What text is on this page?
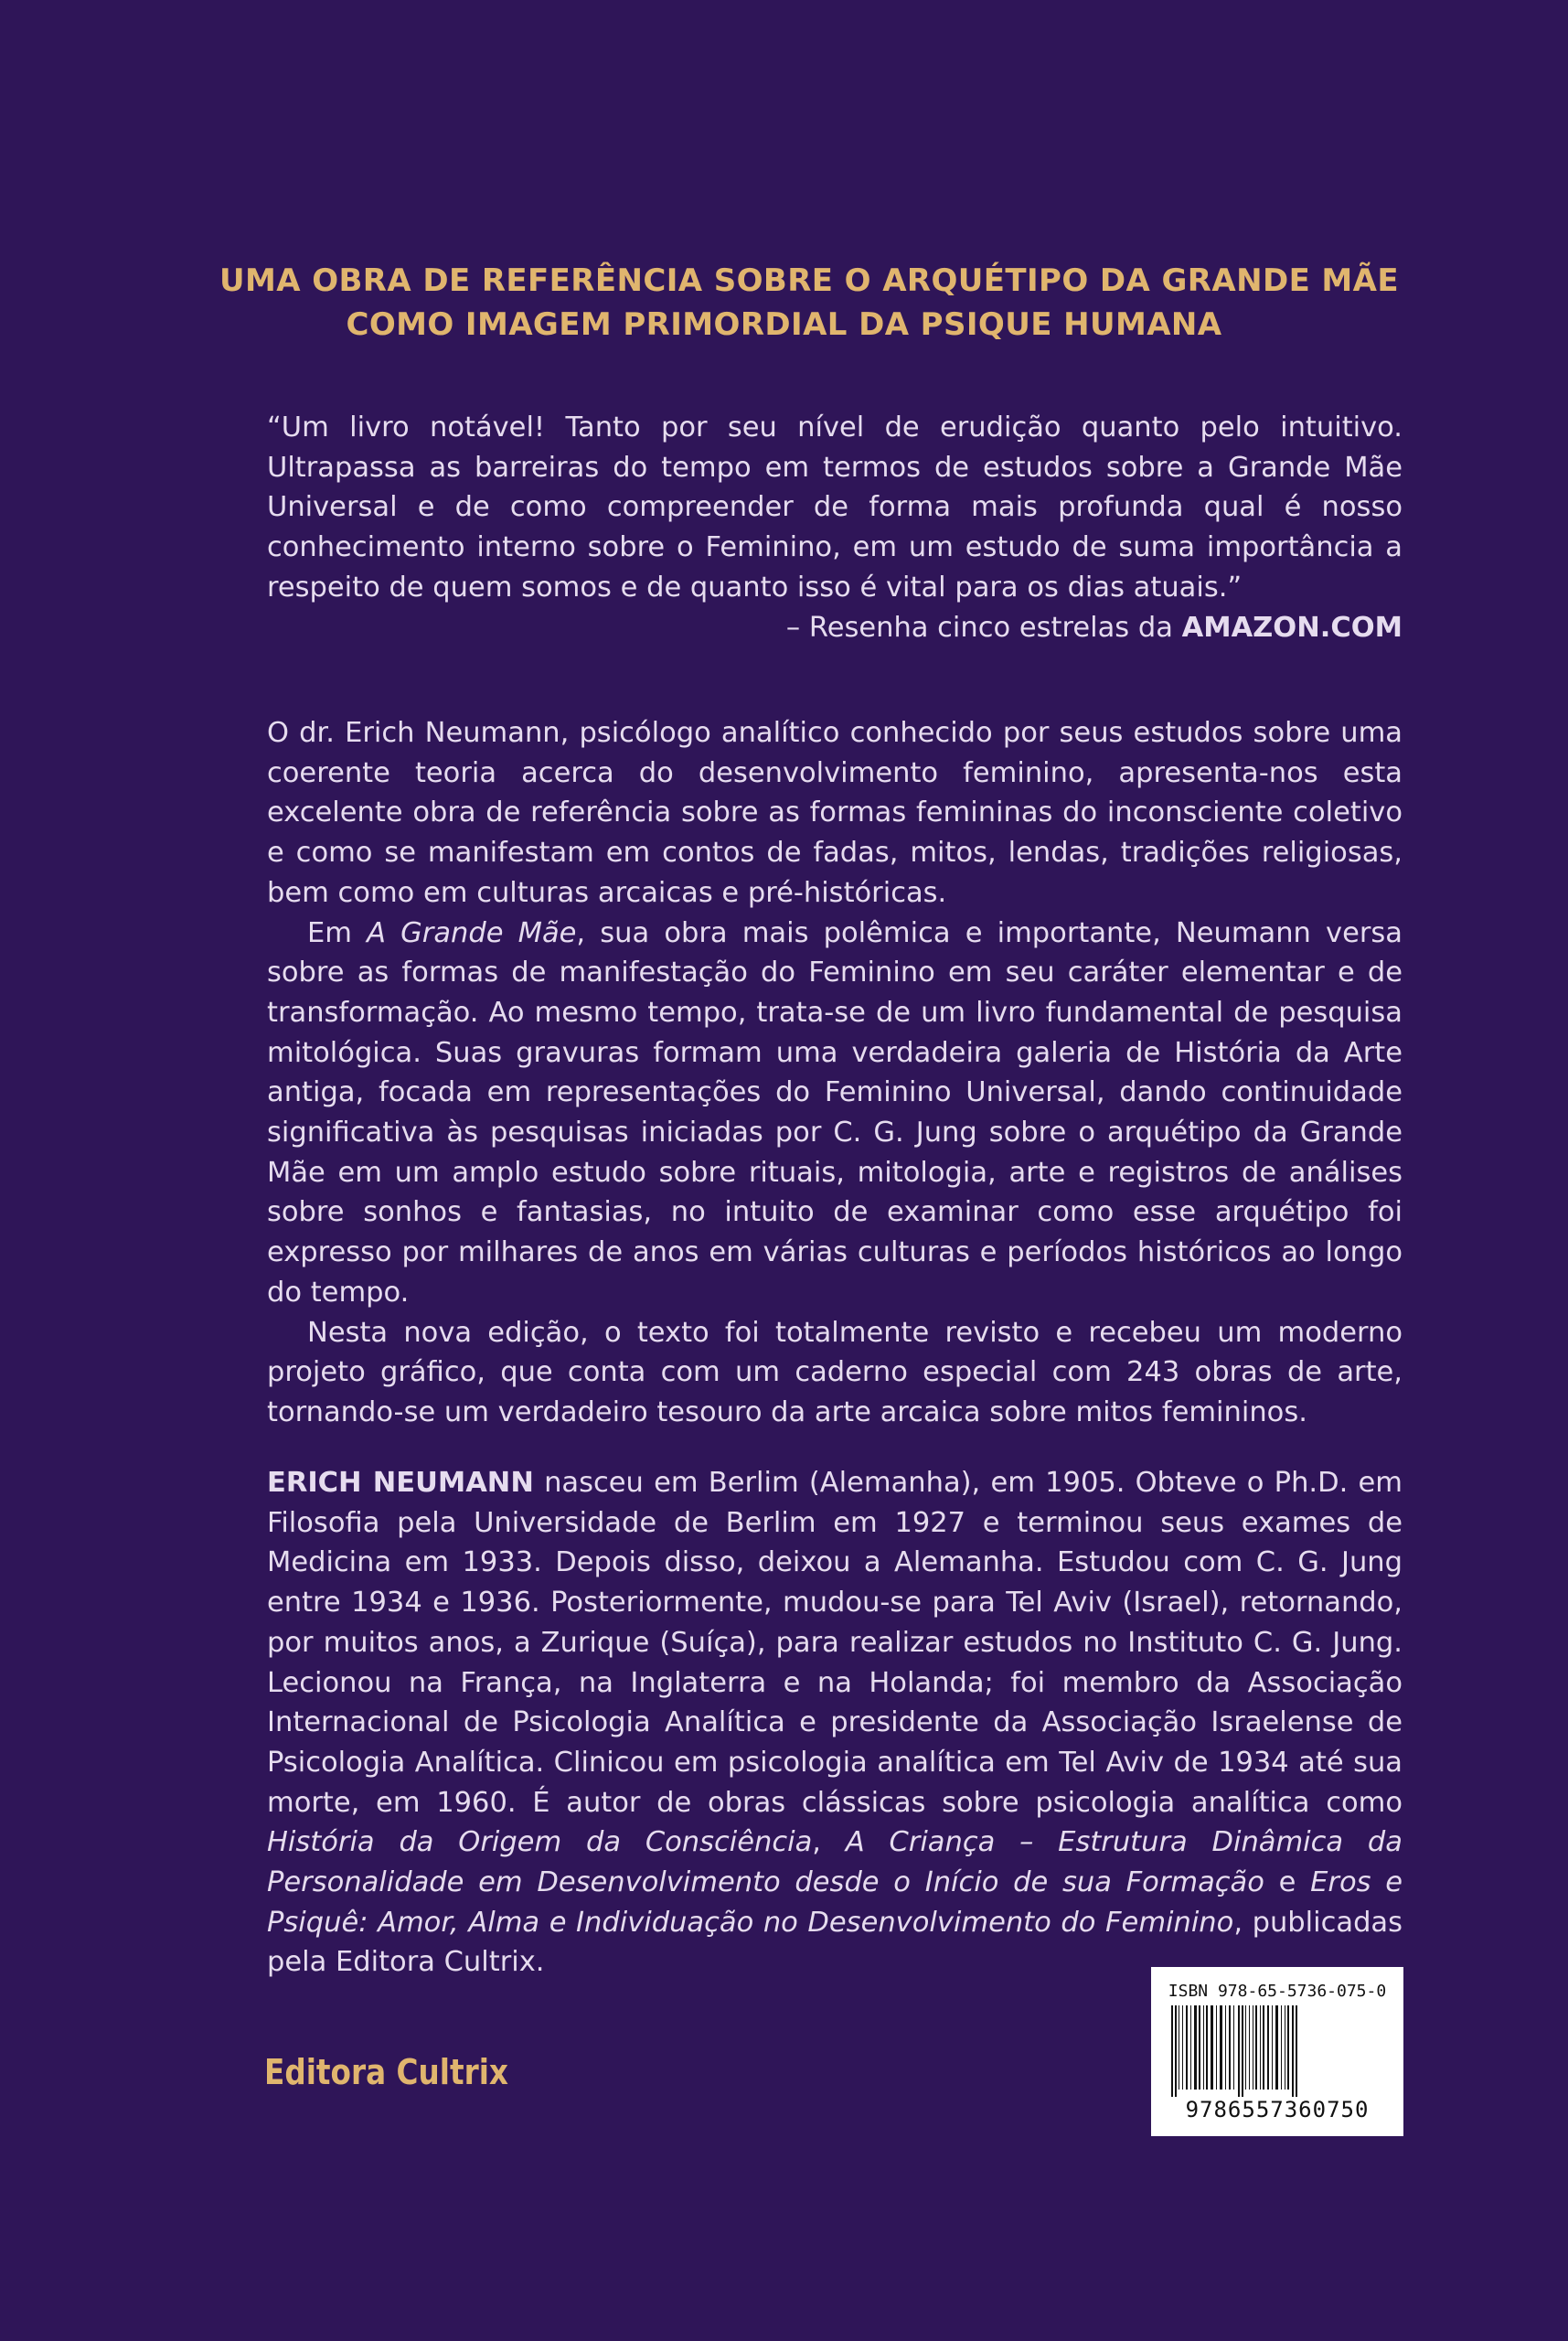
UMA OBRA DE REFERÊNCIA SOBRE O ARQUÉTIPO DA GRANDE MÃE
COMO IMAGEM PRIMORDIAL DA PSIQUE HUMANA

“Um livro notável! Tanto por seu nível de erudição quanto pelo intuitivo. Ultrapassa as barreiras do tempo em termos de estudos sobre a Grande Mãe Universal e de como compreender de forma mais profunda qual é nosso conhecimento interno sobre o Feminino, em um estudo de suma importância a respeito de quem somos e de quanto isso é vital para os dias atuais.”

– Resenha cinco estrelas da AMAZON.COM

O dr. Erich Neumann, psicólogo analítico conhecido por seus estudos sobre uma coerente teoria acerca do desenvolvimento feminino, apresenta-nos esta excelente obra de referência sobre as formas femininas do inconsciente coletivo e como se manifestam em contos de fadas, mitos, lendas, tradições religiosas, bem como em culturas arcaicas e pré-históricas.

Em A Grande Mãe, sua obra mais polêmica e importante, Neumann versa sobre as formas de manifestação do Feminino em seu caráter elementar e de transformação. Ao mesmo tempo, trata-se de um livro fundamental de pesquisa mitológica. Suas gravuras formam uma verdadeira galeria de História da Arte antiga, focada em representações do Feminino Universal, dando continuidade significativa às pesquisas iniciadas por C. G. Jung sobre o arquétipo da Grande Mãe em um amplo estudo sobre rituais, mitologia, arte e registros de análises sobre sonhos e fantasias, no intuito de examinar como esse arquétipo foi expresso por milhares de anos em várias culturas e períodos históricos ao longo do tempo.

Nesta nova edição, o texto foi totalmente revisto e recebeu um moderno projeto gráfico, que conta com um caderno especial com 243 obras de arte, tornando-se um verdadeiro tesouro da arte arcaica sobre mitos femininos.

ERICH NEUMANN nasceu em Berlim (Alemanha), em 1905. Obteve o Ph.D. em Filosofia pela Universidade de Berlim em 1927 e terminou seus exames de Medicina em 1933. Depois disso, deixou a Alemanha. Estudou com C. G. Jung entre 1934 e 1936. Posteriormente, mudou-se para Tel Aviv (Israel), retornando, por muitos anos, a Zurique (Suíça), para realizar estudos no Instituto C. G. Jung. Lecionou na França, na Inglaterra e na Holanda; foi membro da Associação Internacional de Psicologia Analítica e presidente da Associação Israelense de Psicologia Analítica. Clinicou em psicologia analítica em Tel Aviv de 1934 até sua morte, em 1960. É autor de obras clássicas sobre psicologia analítica como História da Origem da Consciência, A Criança – Estrutura Dinâmica da Personalidade em Desenvolvimento desde o Início de sua Formação e Eros e Psiquê: Amor, Alma e Individuação no Desenvolvimento do Feminino, publicadas pela Editora Cultrix.

Editora Cultrix
ISBN 978-65-5736-075-0
9786557360750
